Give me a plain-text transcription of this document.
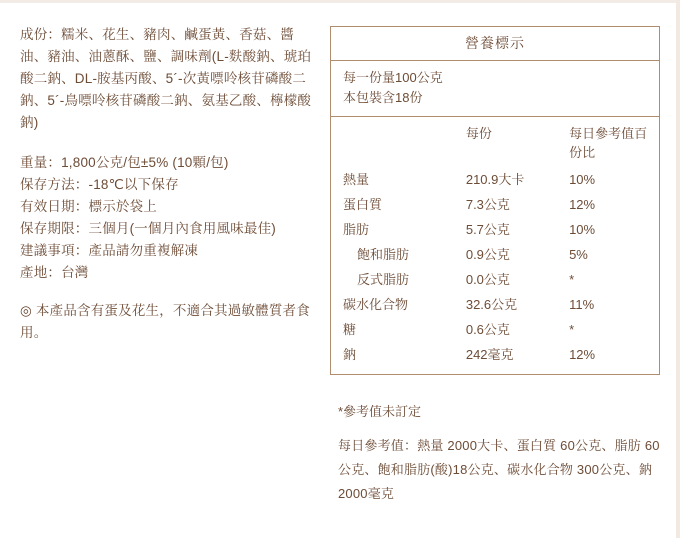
成份：糯米、花生、豬肉、鹹蛋黃、香菇、醬油、豬油、油蔥酥、鹽、調味劑(L-麩酸鈉、琥珀酸二鈉、DL-胺基丙酸、5´-次黃嘌呤核苷磷酸二鈉、5´-鳥嘌呤核苷磷酸二鈉、氨基乙酸、檸檬酸鈉)

重量：1,800公克/包±5% (10顆/包)
保存方法：-18℃以下保存
有效日期：標示於袋上
保存期限：三個月(一個月內食用風味最佳)
建議事項：產品請勿重複解凍
產地：台灣

◎ 本產品含有蛋及花生，不適合其過敏體質者食用。

營養標示
每一份量100公克
本包裝含18份
	每份	每日參考值百份比
熱量	210.9大卡	10%
蛋白質	7.3公克	12%
脂肪	5.7公克	10%
飽和脂肪	0.9公克	5%
反式脂肪	0.0公克	*
碳水化合物	32.6公克	11%
糖	0.6公克	*
鈉	242毫克	12%

*參考值未訂定

每日參考值：熱量 2000大卡、蛋白質 60公克、脂肪 60公克、飽和脂肪(酸)18公克、碳水化合物 300公克、鈉2000毫克
